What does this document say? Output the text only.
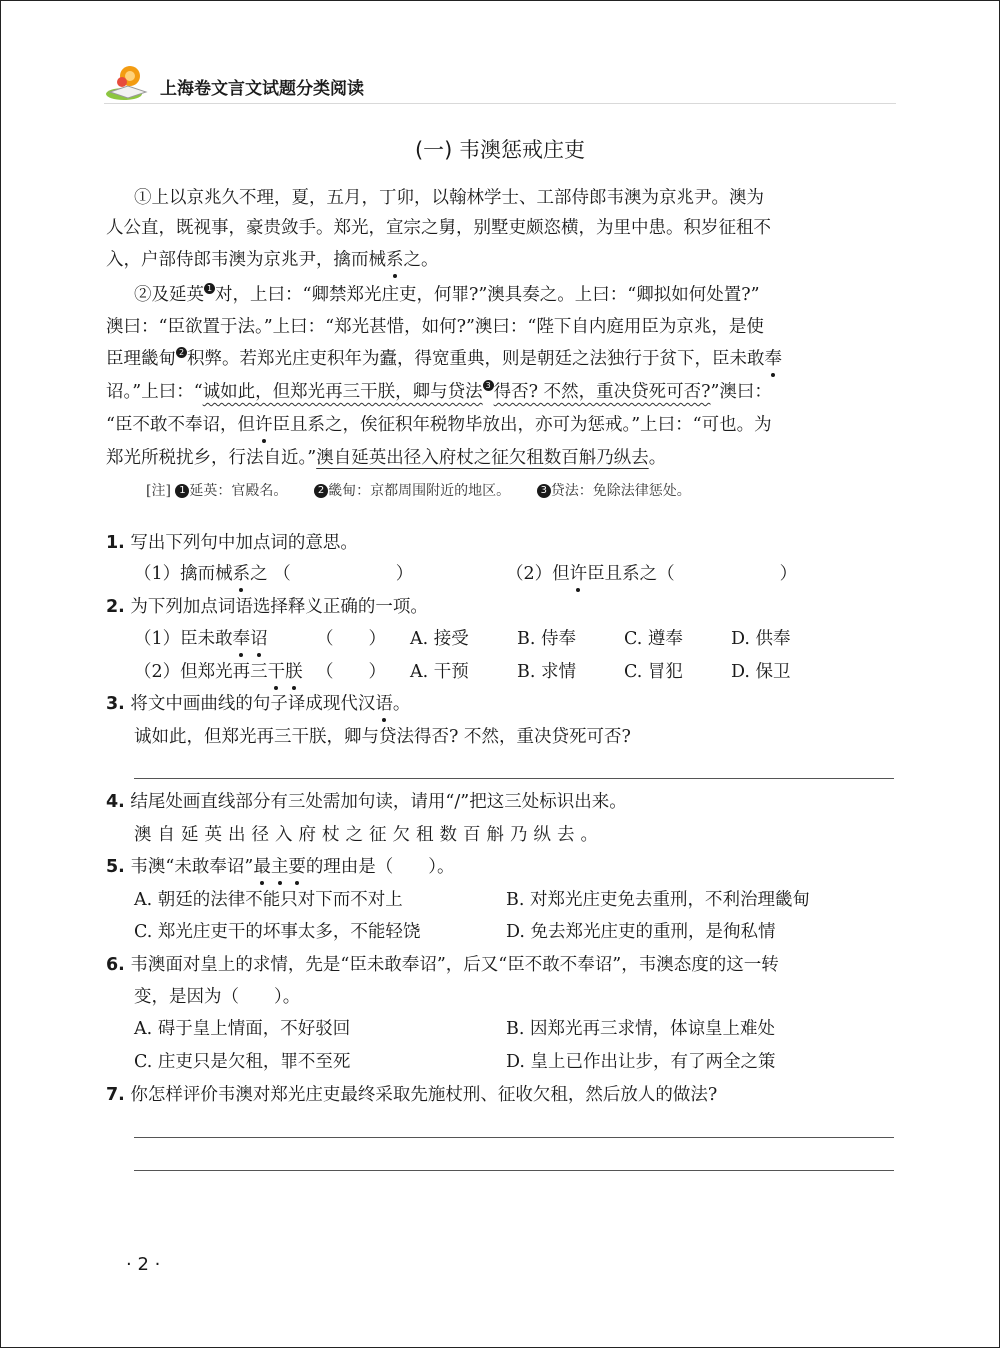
上海卷文言文试题分类阅读
(一) 韦澳惩戒庄吏
①上以京兆久不理，夏，五月，丁卯，以翰林学士、工部侍郎韦澳为京兆尹。澳为
人公直，既视事，豪贵敛手。郑光，宣宗之舅，别墅吏颇恣横，为里中患。积岁征租不
入，户部侍郎韦澳为京兆尹，擒而械系之。
②及延英 1 对，上曰：“卿禁郑光庄吏，何罪?”澳具奏之。上曰：“卿拟如何处置?”
澳曰：“臣欲置于法。”上曰：“郑光甚惜，如何?”澳曰：“陛下自内庭用臣为京兆，是使
臣理畿甸 2 积弊。若郑光庄吏积年为蠹，得宽重典，则是朝廷之法独行于贫下，臣未敢奉
诏。”上曰：“诚如此，但郑光再三干朕，卿与贷法 3 得否? 不然，重决贷死可否?”澳曰：
“臣不敢不奉诏，但许臣且系之，俟征积年税物毕放出，亦可为惩戒。”上曰：“可也。为
郑光所税扰乡，行法自近。”澳自延英出径入府杖之征欠租数百斛乃纵去。
[注] 1 延英：官殿名。	2 畿甸：京都周围附近的地区。	3 贷法：免除法律惩处。
1. 写出下列句中加点词的意思。
（1）擒而械系之 （　　　　　　）	（2）但许臣且系之（　　　　　　）
2. 为下列加点词语选择释义正确的一项。
（1）臣未敢奉诏	（　　） A. 接受	B. 侍奉	C. 遵奉	D. 供奉
（2）但郑光再三干朕 （　　） A. 干预	B. 求情	C. 冒犯	D. 保卫
3. 将文中画曲线的句子译成现代汉语。
诚如此，但郑光再三干朕，卿与贷法得否? 不然，重决贷死可否?
4. 结尾处画直线部分有三处需加句读，请用“/”把这三处标识出来。
澳自延英出径入府杖之征欠租数百斛乃纵去。
5. 韦澳“未敢奉诏”最主要的理由是（　　）。
A. 朝廷的法律不能只对下而不对上	B. 对郑光庄吏免去重刑，不利治理畿甸
C. 郑光庄吏干的坏事太多，不能轻饶	D. 免去郑光庄吏的重刑，是徇私情
6. 韦澳面对皇上的求情，先是“臣未敢奉诏”，后又“臣不敢不奉诏”，韦澳态度的这一转
变，是因为（　　）。
A. 碍于皇上情面，不好驳回	B. 因郑光再三求情，体谅皇上难处
C. 庄吏只是欠租，罪不至死	D. 皇上已作出让步，有了两全之策
7. 你怎样评价韦澳对郑光庄吏最终采取先施杖刑、征收欠租，然后放人的做法?
· 2 ·
